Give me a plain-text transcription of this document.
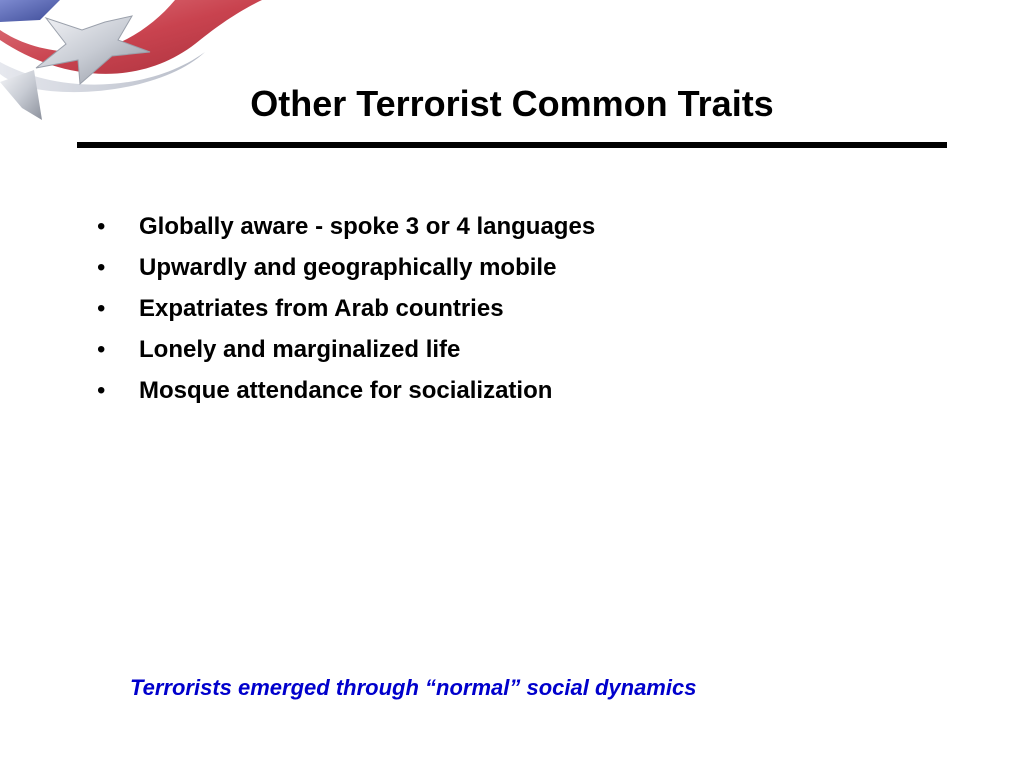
Other Terrorist Common Traits
•	Globally aware - spoke 3 or 4 languages
•	Upwardly and geographically mobile
•	Expatriates from Arab countries
•	Lonely and marginalized life
•	Mosque attendance for socialization
Terrorists emerged through “normal” social dynamics
